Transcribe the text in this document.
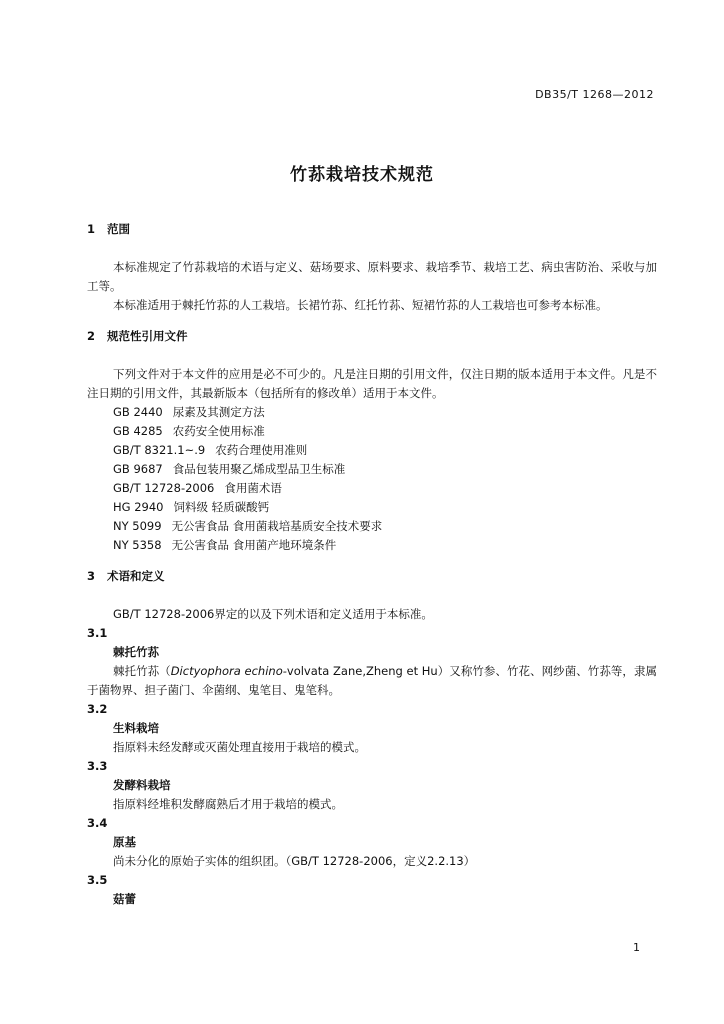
DB35/T 1268—2012
竹荪栽培技术规范

1 范围

本标准规定了竹荪栽培的术语与定义、菇场要求、原料要求、栽培季节、栽培工艺、病虫害防治、采收与加工等。

本标准适用于棘托竹荪的人工栽培。长裙竹荪、红托竹荪、短裙竹荪的人工栽培也可参考本标准。

2 规范性引用文件

下列文件对于本文件的应用是必不可少的。凡是注日期的引用文件，仅注日期的版本适用于本文件。凡是不注日期的引用文件，其最新版本（包括所有的修改单）适用于本文件。

GB 2440 尿素及其测定方法
GB 4285 农药安全使用标准
GB/T 8321.1~.9 农药合理使用准则
GB 9687 食品包装用聚乙烯成型品卫生标准
GB/T 12728-2006 食用菌术语
HG 2940 饲料级 轻质碳酸钙
NY 5099 无公害食品 食用菌栽培基质安全技术要求
NY 5358 无公害食品 食用菌产地环境条件

3 术语和定义

GB/T 12728-2006界定的以及下列术语和定义适用于本标准。

3.1

棘托竹荪

棘托竹荪（Dictyophora echino-volvata Zane,Zheng et Hu）又称竹参、竹花、网纱菌、竹荪等，隶属于菌物界、担子菌门、伞菌纲、鬼笔目、鬼笔科。

3.2

生料栽培

指原料未经发酵或灭菌处理直接用于栽培的模式。

3.3

发酵料栽培

指原料经堆积发酵腐熟后才用于栽培的模式。

3.4

原基

尚未分化的原始子实体的组织团。（GB/T 12728-2006，定义2.2.13）

3.5

菇蕾

1
